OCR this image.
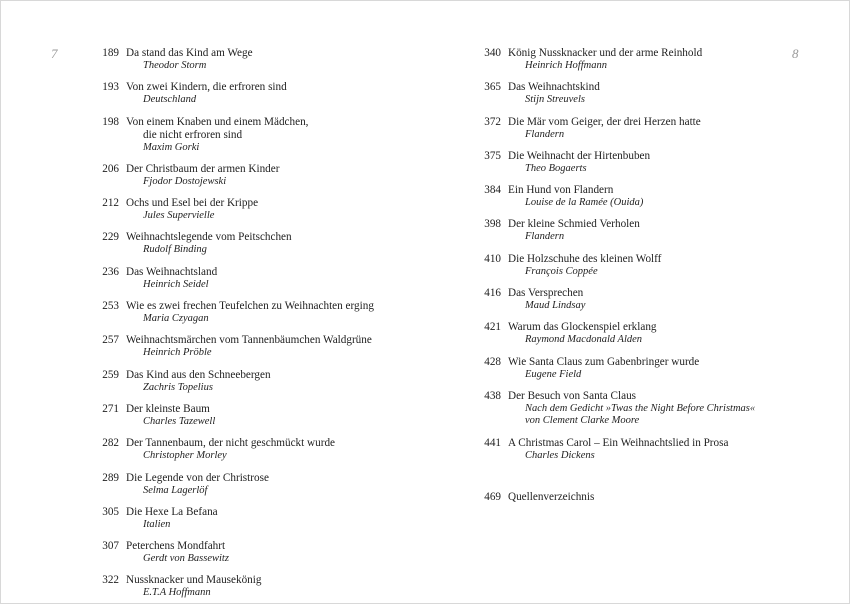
7	8
189 Da stand das Kind am Wege
Theodor Storm
193 Von zwei Kindern, die erfroren sind
Deutschland
198 Von einem Knaben und einem Mädchen,
die nicht erfroren sind
Maxim Gorki
206 Der Christbaum der armen Kinder
Fjodor Dostojewski
212 Ochs und Esel bei der Krippe
Jules Supervielle
229 Weihnachtslegende vom Peitschchen
Rudolf Binding
236 Das Weihnachtsland
Heinrich Seidel
253 Wie es zwei frechen Teufelchen zu Weihnachten erging
Maria Czyagan
257 Weihnachtsmärchen vom Tannenbäumchen Waldgrüne
Heinrich Pröble
259 Das Kind aus den Schneebergen
Zachris Topelius
271 Der kleinste Baum
Charles Tazewell
282 Der Tannenbaum, der nicht geschmückt wurde
Christopher Morley
289 Die Legende von der Christrose
Selma Lagerlöf
305 Die Hexe La Befana
Italien
307 Peterchens Mondfahrt
Gerdt von Bassewitz
322 Nussknacker und Mausekönig
E.T.A Hoffmann
340 König Nussknacker und der arme Reinhold
Heinrich Hoffmann
365 Das Weihnachtskind
Stijn Streuvels
372 Die Mär vom Geiger, der drei Herzen hatte
Flandern
375 Die Weihnacht der Hirtenbuben
Theo Bogaerts
384 Ein Hund von Flandern
Louise de la Ramée (Ouida)
398 Der kleine Schmied Verholen
Flandern
410 Die Holzschuhe des kleinen Wolff
François Coppée
416 Das Versprechen
Maud Lindsay
421 Warum das Glockenspiel erklang
Raymond Macdonald Alden
428 Wie Santa Claus zum Gabenbringer wurde
Eugene Field
438 Der Besuch von Santa Claus
Nach dem Gedicht »Twas the Night Before Christmas«
von Clement Clarke Moore
441 A Christmas Carol – Ein Weihnachtslied in Prosa
Charles Dickens
469 Quellenverzeichnis
